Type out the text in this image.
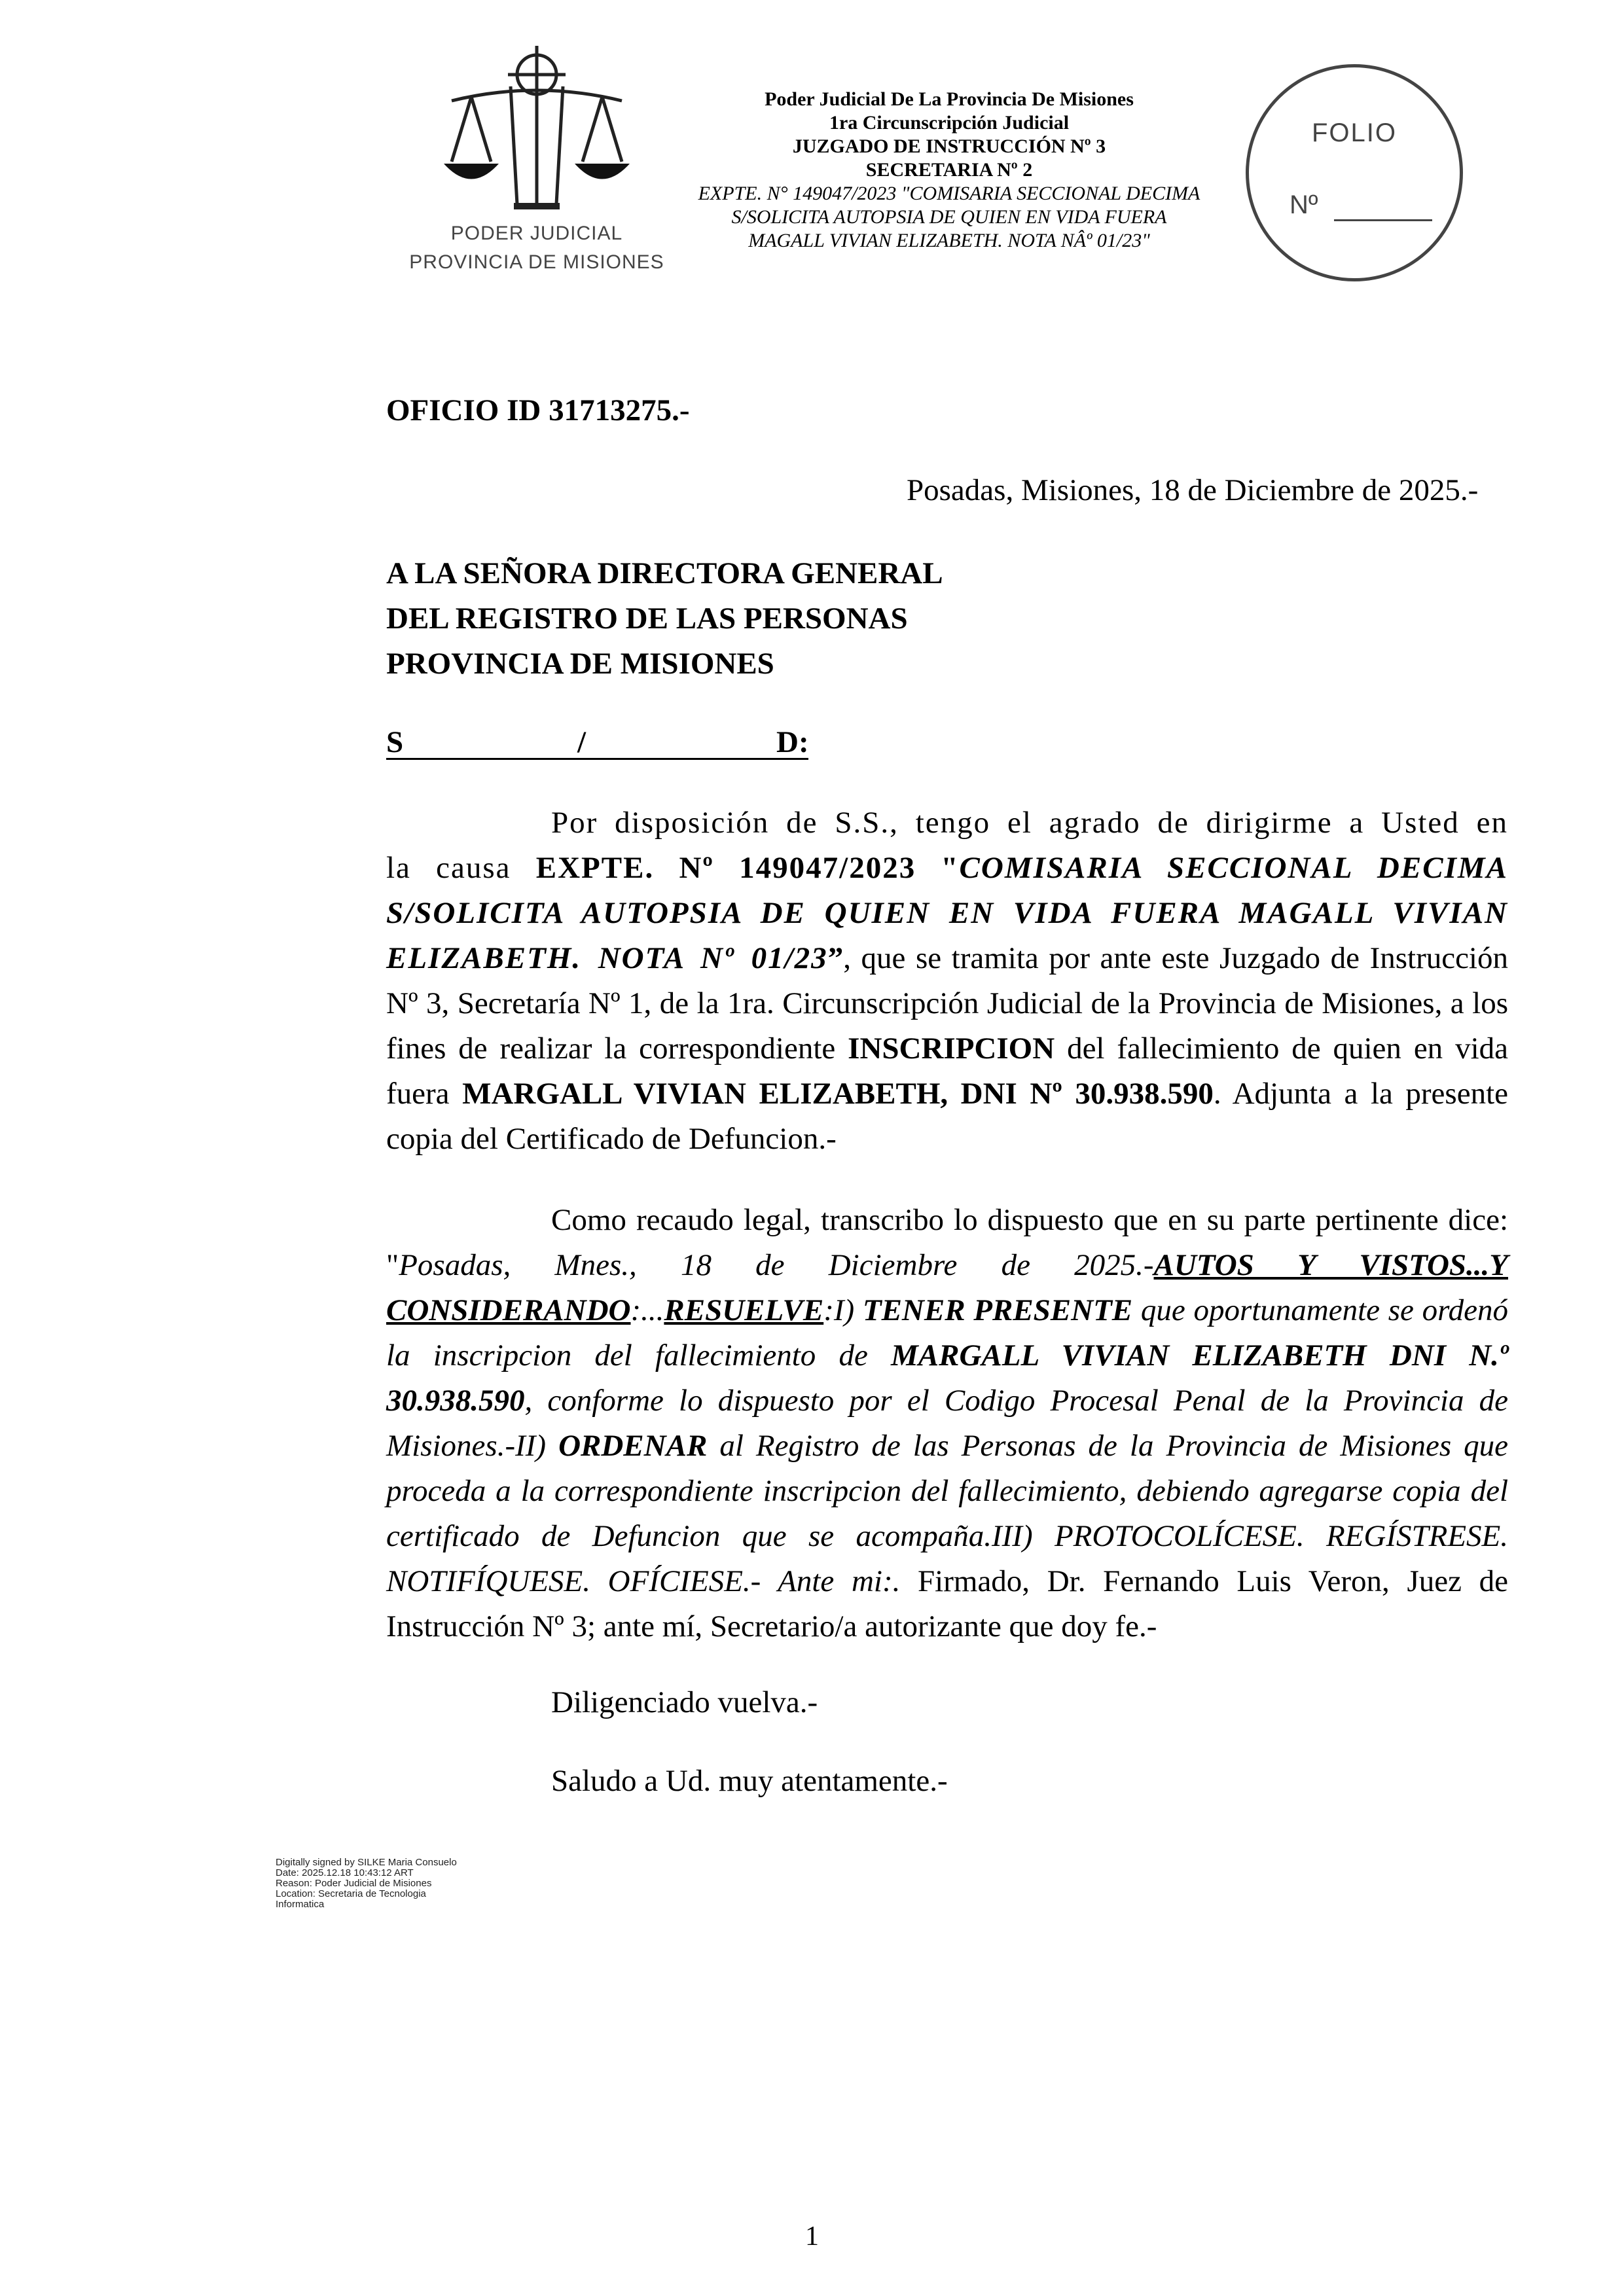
PODER JUDICIAL
PROVINCIA DE MISIONES
Poder Judicial De La Provincia De Misiones
1ra Circunscripción Judicial
JUZGADO DE INSTRUCCIÓN Nº 3
SECRETARIA Nº 2
EXPTE. N° 149047/2023 "COMISARIA SECCIONAL DECIMA
S/SOLICITA AUTOPSIA DE QUIEN EN VIDA FUERA
MAGALL VIVIAN ELIZABETH. NOTA NÂº 01/23"
FOLIO
Nº
OFICIO ID 31713275.-
Posadas, Misiones, 18 de Diciembre de 2025.-
A LA SEÑORA DIRECTORA GENERAL
DEL REGISTRO DE LAS PERSONAS
PROVINCIA DE MISIONES
S	/	D:

Por disposición de S.S., tengo el agrado de dirigirme a Usted en la causa EXPTE. Nº 149047/2023 "COMISARIA SECCIONAL DECIMA S/SOLICITA AUTOPSIA DE QUIEN EN VIDA FUERA MAGALL VIVIAN ELIZABETH. NOTA Nº 01/23”, que se tramita por ante este Juzgado de Instrucción Nº 3, Secretaría Nº 1, de la 1ra. Circunscripción Judicial de la Provincia de Misiones, a los fines de realizar la correspondiente INSCRIPCION del fallecimiento de quien en vida fuera MARGALL VIVIAN ELIZABETH, DNI Nº 30.938.590. Adjunta a la presente copia del Certificado de Defuncion.-

Como recaudo legal, transcribo lo dispuesto que en su parte pertinente dice: "Posadas, Mnes., 18 de Diciembre de 2025.-AUTOS Y VISTOS...Y CONSIDERANDO:...RESUELVE:I) TENER PRESENTE que oportunamente se ordenó la inscripcion del fallecimiento de MARGALL VIVIAN ELIZABETH DNI N.º 30.938.590, conforme lo dispuesto por el Codigo Procesal Penal de la Provincia de Misiones.-II) ORDENAR al Registro de las Personas de la Provincia de Misiones que proceda a la correspondiente inscripcion del fallecimiento, debiendo agregarse copia del certificado de Defuncion que se acompaña.III) PROTOCOLÍCESE. REGÍSTRESE. NOTIFÍQUESE. OFÍCIESE.- Ante mi:. Firmado, Dr. Fernando Luis Veron, Juez de Instrucción Nº 3; ante mí, Secretario/a autorizante que doy fe.-

Diligenciado vuelva.-
Saludo a Ud. muy atentamente.-
Digitally signed by SILKE Maria Consuelo
Date: 2025.12.18 10:43:12 ART
Reason: Poder Judicial de Misiones
Location: Secretaria de Tecnologia
Informatica
1
